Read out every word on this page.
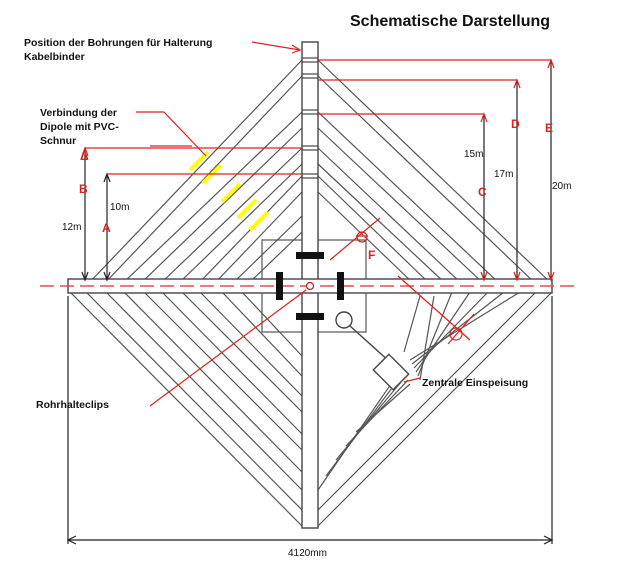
Schematische Darstellung
Position der Bohrungen für Halterung
Kabelbinder
Verbindung der
Dipole mit PVC-
Schnur
Rohrhalteclips
Zentrale Einspeisung
Δ
B
A
C
D E
F
10m
12m
15m
17m
20m
4120mm
